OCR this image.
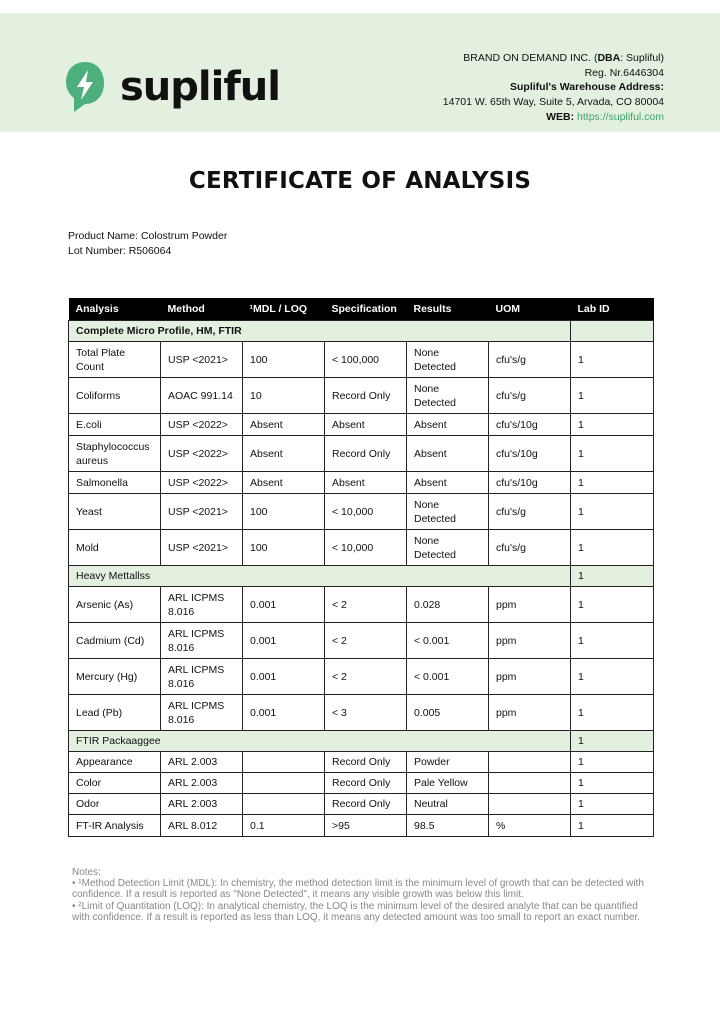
supliful
BRAND ON DEMAND INC. (DBA: Supliful)
Reg. Nr.6446304
Supliful's Warehouse Address:
14701 W. 65th Way, Suite 5, Arvada, CO 80004
WEB: https://supliful.com
CERTIFICATE OF ANALYSIS
Product Name: Colostrum Powder
Lot Number: R506064
Analysis	Method	¹MDL / LOQ	Specification	Results	UOM	Lab ID
Complete Micro Profile, HM, FTIR						
Total Plate Count	USP <2021>	100	< 100,000	None Detected	cfu's/g	1
Coliforms	AOAC 991.14	10	Record Only	None Detected	cfu's/g	1
E.coli	USP <2022>	Absent	Absent	Absent	cfu's/10g	1
Staphylococcus aureus	USP <2022>	Absent	Record Only	Absent	cfu's/10g	1
Salmonella	USP <2022>	Absent	Absent	Absent	cfu's/10g	1
Yeast	USP <2021>	100	< 10,000	None Detected	cfu's/g	1
Mold	USP <2021>	100	< 10,000	None Detected	cfu's/g	1
Heavy Mettallss						1
Arsenic (As)	ARL ICPMS 8.016	0.001	< 2	0.028	ppm	1
Cadmium (Cd)	ARL ICPMS 8.016	0.001	< 2	< 0.001	ppm	1
Mercury (Hg)	ARL ICPMS 8.016	0.001	< 2	< 0.001	ppm	1
Lead (Pb)	ARL ICPMS 8.016	0.001	< 3	0.005	ppm	1
FTIR Packaaggee						1
Appearance	ARL 2.003		Record Only	Powder		1
Color	ARL 2.003		Record Only	Pale Yellow		1
Odor	ARL 2.003		Record Only	Neutral		1
FT-IR Analysis	ARL 8.012	0.1	>95	98.5	%	1
Notes:
• ¹Method Detection Limit (MDL): In chemistry, the method detection limit is the minimum level of growth that can be detected with confidence. If a result is reported as "None Detected", it means any visible growth was below this limit.
• ²Limit of Quantitation (LOQ): In analytical chemistry, the LOQ is the minimum level of the desired analyte that can be quantified with confidence. If a result is reported as less than LOQ, it means any detected amount was too small to report an exact number.
